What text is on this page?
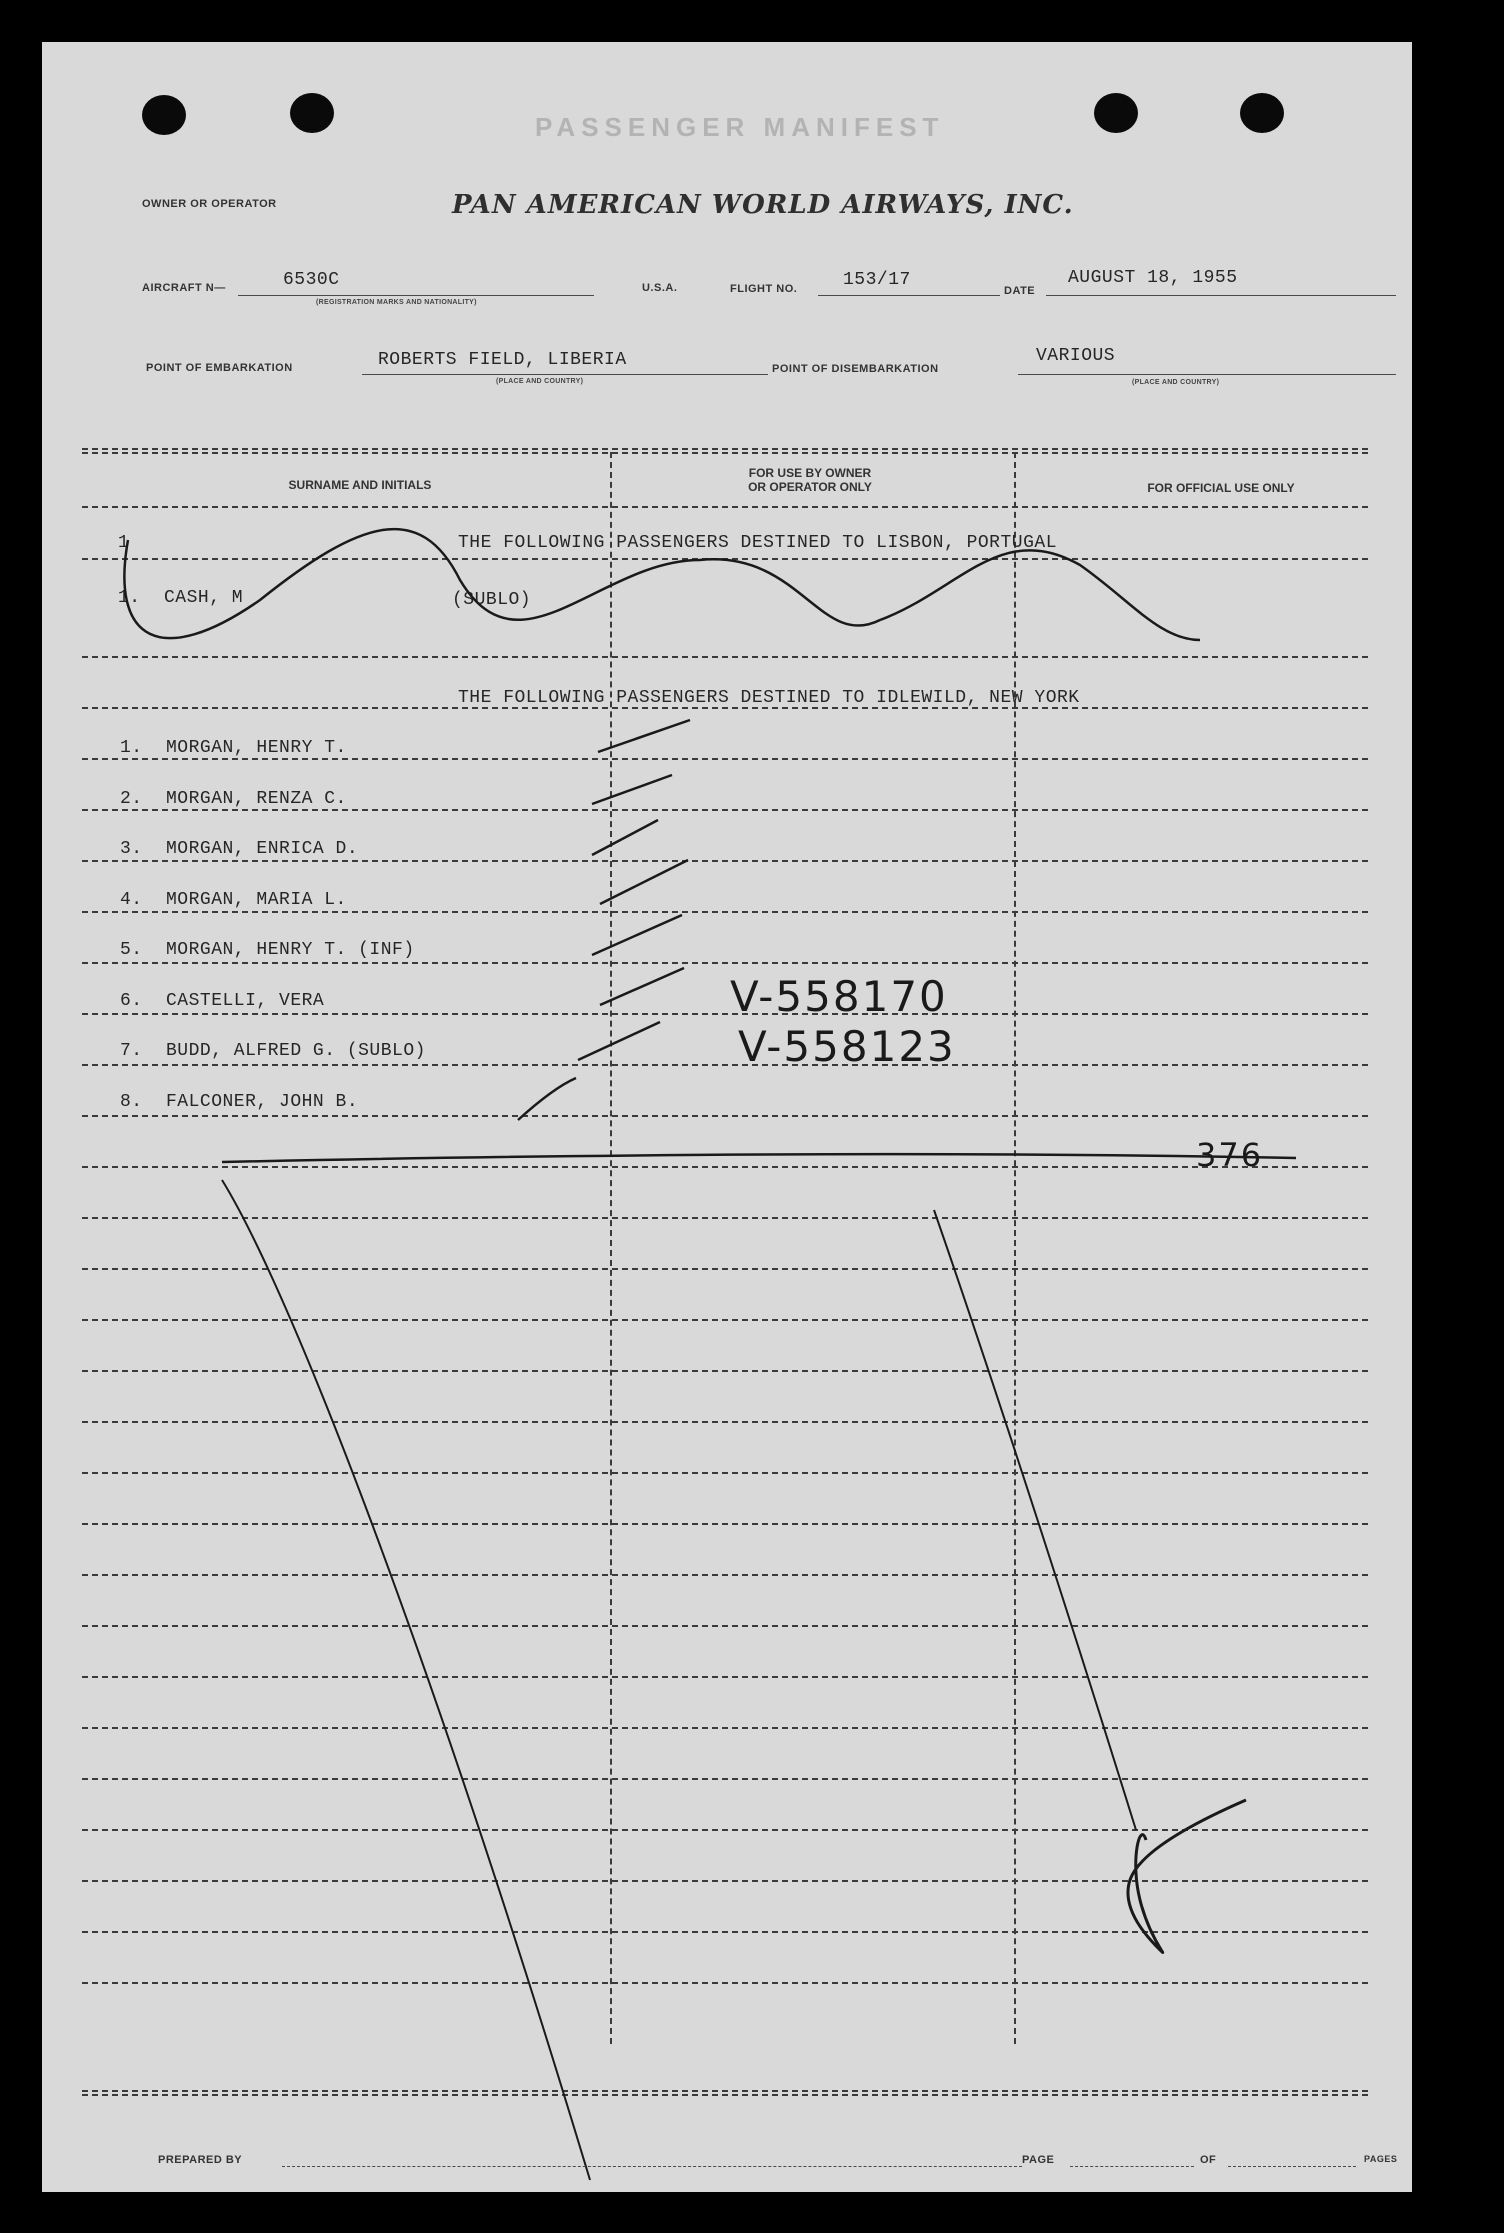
PASSENGER MANIFEST
OWNER OR OPERATOR	PAN AMERICAN WORLD AIRWAYS, INC.
AIRCRAFT N—	6530C
(REGISTRATION MARKS AND NATIONALITY)
U.S.A.	FLIGHT NO.	153/17
DATE
AUGUST 18, 1955
POINT OF EMBARKATION	ROBERTS FIELD, LIBERIA
(PLACE AND COUNTRY)
POINT OF DISEMBARKATION
VARIOUS
(PLACE AND COUNTRY)
SURNAME AND INITIALS
FOR USE BY OWNER
OR OPERATOR ONLY	FOR OFFICIAL USE ONLY
1	THE FOLLOWING PASSENGERS DESTINED TO LISBON, PORTUGAL
1. CASH, M	(SUBLO)
THE FOLLOWING PASSENGERS DESTINED TO IDLEWILD, NEW YORK
1. MORGAN, HENRY T.
2. MORGAN, RENZA C.
3. MORGAN, ENRICA D.
4. MORGAN, MARIA L.
5. MORGAN, HENRY T. (INF)
6. CASTELLI, VERA
7. BUDD, ALFRED G. (SUBLO)
8. FALCONER, JOHN B.
V-558170
V-558123
376
PREPARED BY	PAGE	OF	PAGES
